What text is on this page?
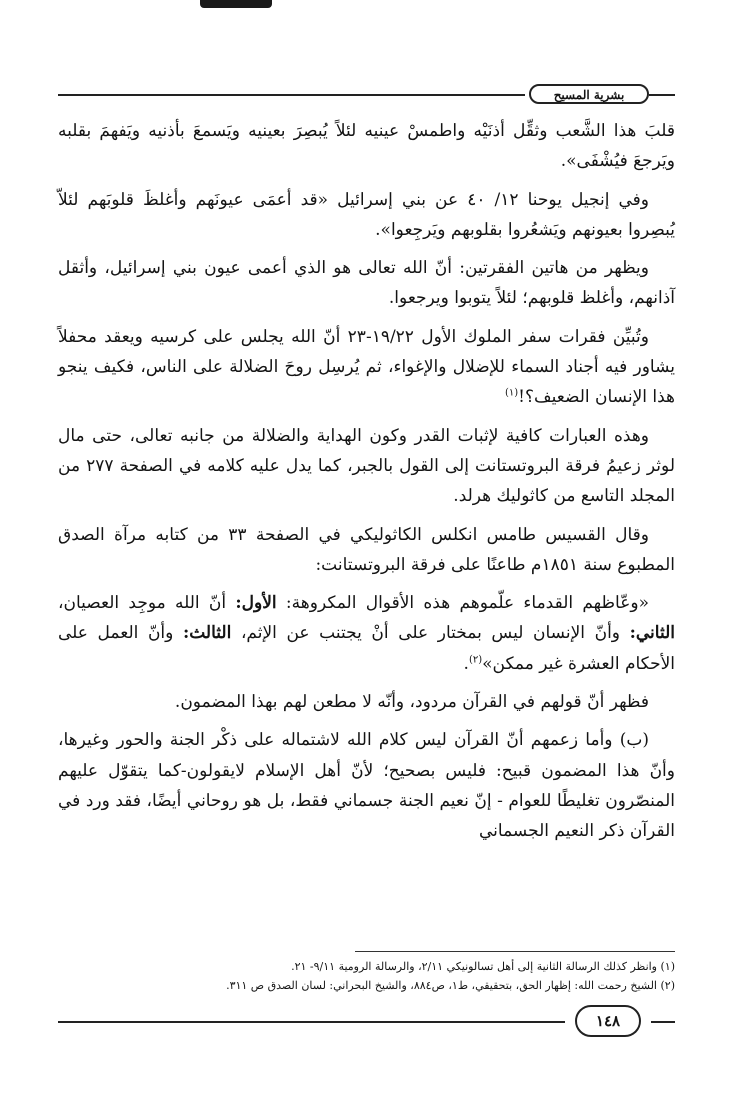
بشرية المسيح

قلبَ هذا الشَّعب وثقِّل أذنَيْه واطمسْ عينيه لئلاً يُبصِرَ بعينيه ويَسمعَ بأذنيه ويَفهمَ بقلبه ويَرجعَ فيُشْفَى».

وفي إنجيل يوحنا ١٢/ ٤٠ عن بني إسرائيل «قد أعمَى عيونَهم وأغلظَ قلوبَهم لئلاّ يُبصِروا بعيونهم ويَشعُروا بقلوبهم ويَرجِعوا».

ويظهر من هاتين الفقرتين: أنّ الله تعالى هو الذي أعمى عيون بني إسرائيل، وأثقل آذانهم، وأغلظ قلوبهم؛ لئلاً يتوبوا ويرجعوا.

وتُبيِّن فقرات سفر الملوك الأول ١٩/٢٢-٢٣ أنّ الله يجلس على كرسيه ويعقد محفلاً يشاور فيه أجناد السماء للإضلال والإغواء، ثم يُرسِل روحَ الضلالة على الناس، فكيف ينجو هذا الإنسان الضعيف؟!$^{(١)}$

وهذه العبارات كافية لإثبات القدر وكون الهداية والضلالة من جانبه تعالى، حتى مال لوثر زعيمُ فرقة البروتستانت إلى القول بالجبر، كما يدل عليه كلامه في الصفحة ٢٧٧ من المجلد التاسع من كاثوليك هرلد.

وقال القسيس طامس انكلس الكاثوليكي في الصفحة ٣٣ من كتابه مرآة الصدق المطبوع سنة ١٨٥١م طاعنًا على فرقة البروتستانت:

«وعّاظهم القدماء علّموهم هذه الأقوال المكروهة: الأول: أنّ الله موجِد العصيان، الثاني: وأنّ الإنسان ليس بمختار على أنْ يجتنب عن الإثم، الثالث: وأنّ العمل على الأحكام العشرة غير ممكن»$^{(٢)}$.

فظهر أنّ قولهم في القرآن مردود، وأنّه لا مطعن لهم بهذا المضمون.

(ب) وأما زعمهم أنّ القرآن ليس كلام الله لاشتماله على ذكْر الجنة والحور وغيرها، وأنّ هذا المضمون قبيح: فليس بصحيح؛ لأنّ أهل الإسلام لايقولون-كما يتقوّل عليهم المنصّرون تغليطًا للعوام - إنّ نعيم الجنة جسماني فقط، بل هو روحاني أيضًا، فقد ورد في القرآن ذكر النعيم الجسماني

(١) وانظر كذلك الرسالة الثانية إلى أهل تسالونيكي ٢/١١، والرسالة الرومية ٩/١١- ٢١.
(٢) الشيخ رحمت الله: إظهار الحق، بتحقيقي، ط١، ص٨٨٤، والشيخ البحراني: لسان الصدق ص ٣١١.
١٤٨
